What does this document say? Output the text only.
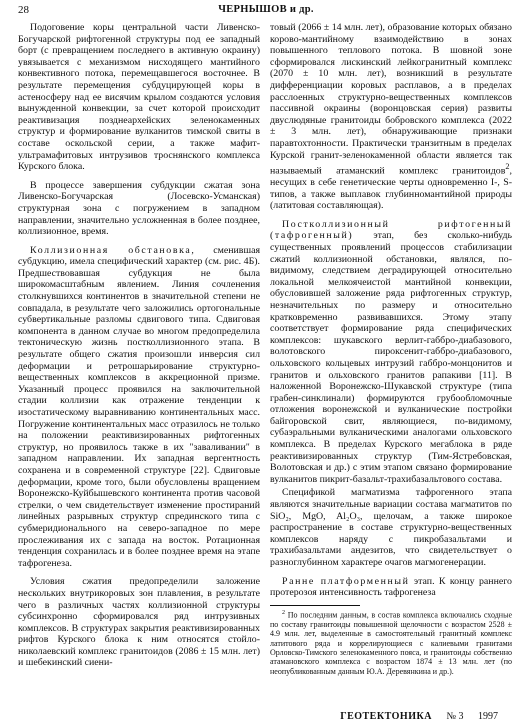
28	ЧЕРНЫШОВ и др.

Подоговение коры центральной части Ливенско-Богучарской рифтогенной структуры под ее западный борт (с превращением последнего в активную окраину) увязывается с механизмом нисходящего мантийного конвективного потока, перемещавшегося восточнее. В результате перемещения субдуцирующей коры в астеносферу над ее висячим крылом создаются условия вынужденной конвекции, за счет которой происходит реактивизация позднеархейских зеленокаменных структур и формирование вулканитов тимской свиты в составе оскольской серии, а также мафит-ультрамафитовых интрузивов троснянского комплекса Курского блока.

В процессе завершения субдукции сжатая зона Ливенско-Богучарская (Лосевско-Усманская) структурная зона с погружением в западном направлении, значительно усложненная в более позднее, коллизионное, время.

Коллизионная обстановка, сменившая субдукцию, имела специфический характер (см. рис. 4Б). Предшествовавшая субдукция не была широкомасштабным явлением. Линия сочленения столкнувшихся континентов в значительной степени не совпадала, в результате чего заложились ортогональные субвертикальные разломы сдвигового типа. Сдвиговая компонента в данном случае во многом предопределила тектоническую жизнь постколлизионного этапа. В результате общего сжатия произошли инверсия сил деформации и ретрошарьирование структурно-вещественных комплексов в аккреционной призме. Указанный процесс проявился на заключительной стадии коллизии как отражение тенденции к изостатическому выравниванию континентальных масс. Погружение континентальных масс отразилось не только на положении реактивизированных рифтогенных структур, но проявилось также в их "заваливании" в западном направлении. Их западная вергентность сохранена и в современной структуре [22]. Сдвиговые деформации, кроме того, были обусловлены вращением Воронежско-Куйбышевского континента против часовой стрелки, о чем свидетельствует изменение простираний линейных разрывных структур спрединского типа с субмеридионального на северо-западное по мере прослеживания их с запада на восток. Ротационная тенденция сохранилась и в более позднее время на этапе тафрогенеза.

Условия сжатия предопределили заложение нескольких внутрикоровых зон плавления, в результате чего в различных частях коллизионной структуры субсинхронно сформировался ряд интрузивных комплексов. В структурах закрытия реактивизированных рифтов Курского блока к ним относятся стойло-николаевский комплекс гранитоидов (2086 ± 15 млн. лет) и шебекинский сиени-

товый (2066 ± 14 млн. лет), образование которых обязано корово-мантийному взаимодействию в зонах повышенного теплового потока. В шовной зоне сформировался лискинский лейкогранитный комплекс (2070 ± 10 млн. лет), возникший в результате дифференциации коровых расплавов, а в пределах расслоенных структурно-вещественных комплексов пассивной окраины (воронцовская серия) развиты двуслюдяные гранитоиды бобровского комплекса (2022 ± 3 млн. лет), обнаруживающие признаки паравтохтонности. Практически транзитным в пределах Курской гранит-зеленокаменной области является так называемый атаманский комплекс гранитоидов$^2$, несущих в себе генетические черты одновременно I-, S-типов, а также выплавок глубинномантийной природы (латитовая составляющая).

Постколлизионный рифтогенный (тафрогенный) этап, без сколько-нибудь существенных проявлений процессов стабилизации сжатий коллизионной обстановки, являлся, по-видимому, следствием деградирующей относительно локальной мелкоячеистой мантийной конвекции, обусловившей заложение ряда рифтогенных структур, незначительных по размеру и относительно кратковременно развивавшихся. Этому этапу соответствует формирование ряда специфических комплексов: шукавского верлит-габбро-диабазового, волотовского пироксенит-габбро-диабазового, ольховского кольцевых интрузий габбро-монцонитов и гранитов и ольховского гранитов рапакиви [11]. В наложенной Воронежско-Шукавской структуре (типа грабен-синклинали) формируются грубообломочные отложения воронежской и вулканические постройки байгоровской свит, являющиеся, по-видимому, субаэральными вулканическими аналогами ольховского комплекса. В пределах Курского мегаблока в ряде реактивизированных структур (Тим-Ястребовская, Волотовская и др.) с этим этапом связано формирование вулканитов пикрит-базальт-трахибазальтового состава.

Спецификой магматизма тафрогенного этапа являются значительные вариации состава магматитов по SiO₂, MgO, Al₂O₃, щелочам, а также широкое распространение в составе структурно-вещественных комплексов наряду с пикробазальтами и трахибазальтами андезитов, что свидетельствует о разноглубинном характере очагов магмогенерации.

Ранне платформенный этап. К концу раннего протерозоя интенсивность тафрогенеза

$^2$ По последним данным, в состав комплекса включались сходные по составу гранитоиды повышенной щелочности с возрастом 2528 ± 4.9 млн. лет, выделенные в самостоятельный гранитный комплекс латитового ряда и коррелирующиеся с калиевыми гранитами Орловско-Тимского зеленокаменного пояса, и гранитоиды собственно атамановского комплекса с возрастом 1874 ± 13 млн. лет (по неопубликованным данным Ю.А. Деревянкина и др.).

ГЕОТЕКТОНИКА № 3 1997
